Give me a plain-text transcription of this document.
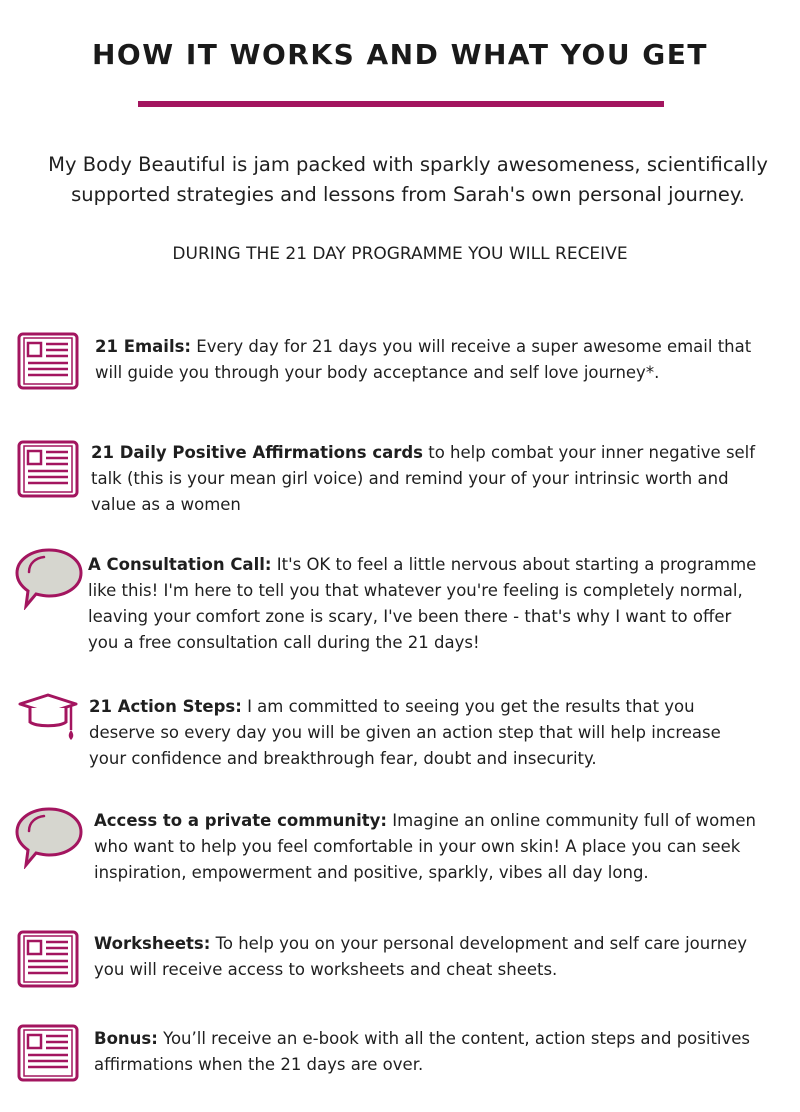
HOW IT WORKS AND WHAT YOU GET
My Body Beautiful is jam packed with sparkly awesomeness, scientifically supported strategies and lessons from Sarah's own personal journey.
DURING THE 21 DAY PROGRAMME YOU WILL RECEIVE
21 Emails: Every day for 21 days you will receive a super awesome email that will guide you through your body acceptance and self love journey*.
21 Daily Positive Affirmations cards to help combat your inner negative self talk (this is your mean girl voice) and remind your of your intrinsic worth and value as a women
A Consultation Call: It's OK to feel a little nervous about starting a programme like this! I'm here to tell you that whatever you're feeling is completely normal, leaving your comfort zone is scary, I've been there - that's why I want to offer you a free consultation call during the 21 days!
21 Action Steps: I am committed to seeing you get the results that you deserve so every day you will be given an action step that will help increase your confidence and breakthrough fear, doubt and insecurity.
Access to a private community: Imagine an online community full of women who want to help you feel comfortable in your own skin! A place you can seek inspiration, empowerment and positive, sparkly, vibes all day long.
Worksheets: To help you on your personal development and self care journey you will receive access to worksheets and cheat sheets.
Bonus: You’ll receive an e-book with all the content, action steps and positives affirmations when the 21 days are over.
